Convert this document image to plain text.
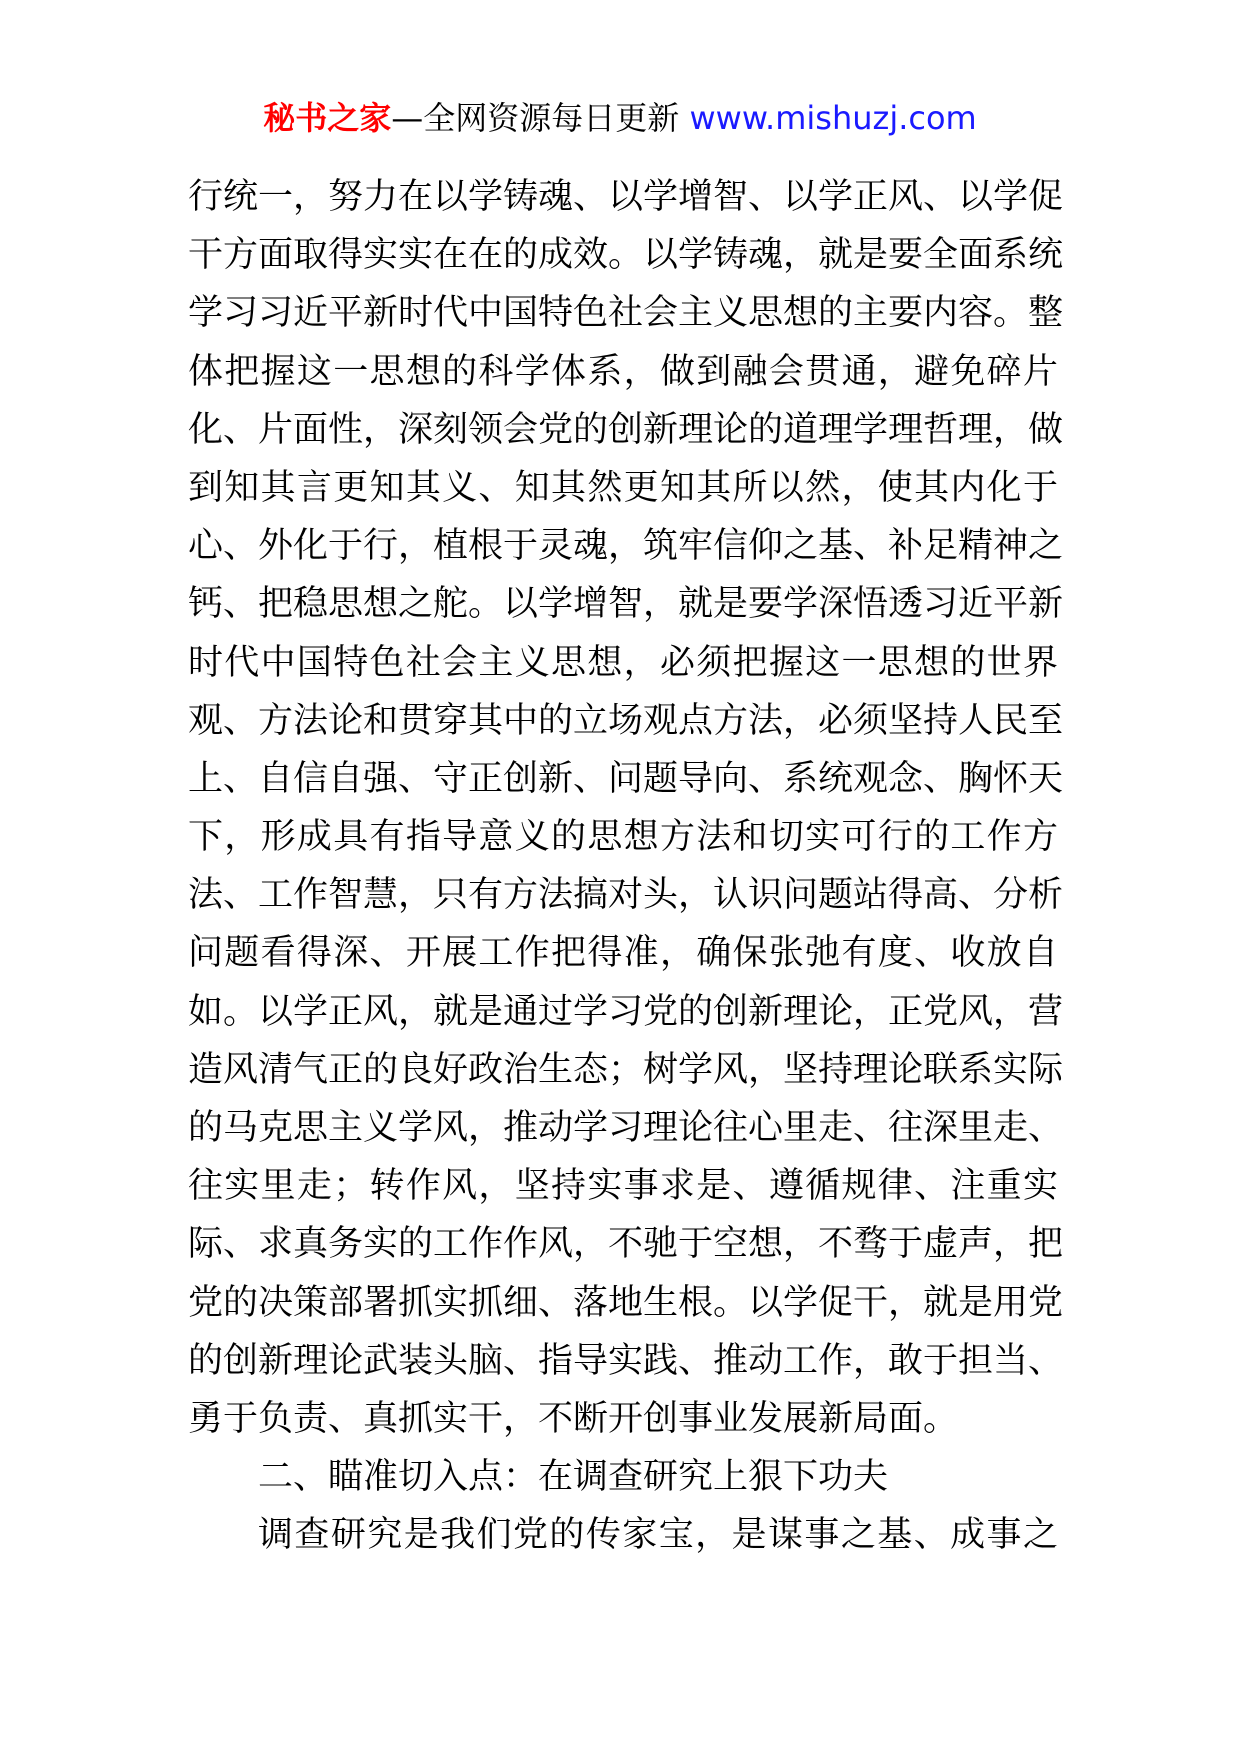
秘书之家—全网资源每日更新 www.mishuzj.com
行统一，努力在以学铸魂、以学增智、以学正风、以学促
干方面取得实实在在的成效。以学铸魂，就是要全面系统
学习习近平新时代中国特色社会主义思想的主要内容。整
体把握这一思想的科学体系，做到融会贯通，避免碎片
化、片面性，深刻领会党的创新理论的道理学理哲理，做
到知其言更知其义、知其然更知其所以然，使其内化于
心、外化于行，植根于灵魂，筑牢信仰之基、补足精神之
钙、把稳思想之舵。以学增智，就是要学深悟透习近平新
时代中国特色社会主义思想，必须把握这一思想的世界
观、方法论和贯穿其中的立场观点方法，必须坚持人民至
上、自信自强、守正创新、问题导向、系统观念、胸怀天
下，形成具有指导意义的思想方法和切实可行的工作方
法、工作智慧，只有方法搞对头，认识问题站得高、分析
问题看得深、开展工作把得准，确保张弛有度、收放自
如。以学正风，就是通过学习党的创新理论，正党风，营
造风清气正的良好政治生态；树学风，坚持理论联系实际
的马克思主义学风，推动学习理论往心里走、往深里走、
往实里走；转作风，坚持实事求是、遵循规律、注重实
际、求真务实的工作作风，不驰于空想，不骛于虚声，把
党的决策部署抓实抓细、落地生根。以学促干，就是用党
的创新理论武装头脑、指导实践、推动工作，敢于担当、
勇于负责、真抓实干，不断开创事业发展新局面。
二、瞄准切入点：在调查研究上狠下功夫
调查研究是我们党的传家宝，是谋事之基、成事之
